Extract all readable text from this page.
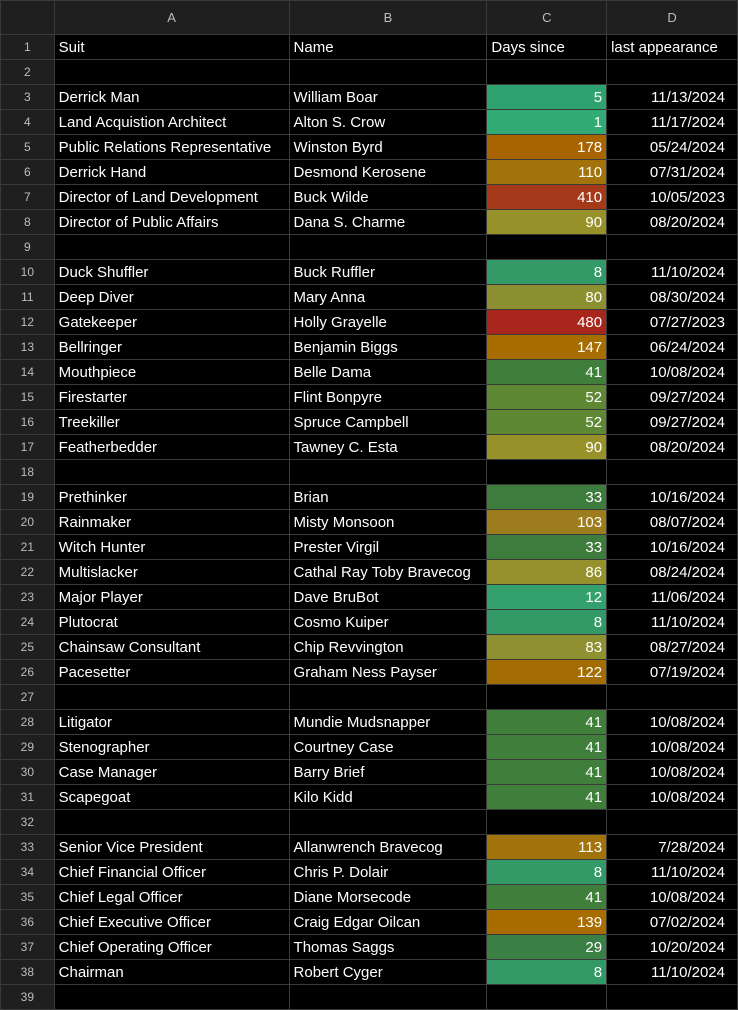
	A	B	C	D
1	Suit	Name	Days since	last appearance
2				
3	Derrick Man	William Boar	5	11/13/2024
4	Land Acquistion Architect	Alton S. Crow	1	11/17/2024
5	Public Relations Representative	Winston Byrd	178	05/24/2024
6	Derrick Hand	Desmond Kerosene	110	07/31/2024
7	Director of Land Development	Buck Wilde	410	10/05/2023
8	Director of Public Affairs	Dana S. Charme	90	08/20/2024
9				
10	Duck Shuffler	Buck Ruffler	8	11/10/2024
11	Deep Diver	Mary Anna	80	08/30/2024
12	Gatekeeper	Holly Grayelle	480	07/27/2023
13	Bellringer	Benjamin Biggs	147	06/24/2024
14	Mouthpiece	Belle Dama	41	10/08/2024
15	Firestarter	Flint Bonpyre	52	09/27/2024
16	Treekiller	Spruce Campbell	52	09/27/2024
17	Featherbedder	Tawney C. Esta	90	08/20/2024
18				
19	Prethinker	Brian	33	10/16/2024
20	Rainmaker	Misty Monsoon	103	08/07/2024
21	Witch Hunter	Prester Virgil	33	10/16/2024
22	Multislacker	Cathal Ray Toby Bravecog	86	08/24/2024
23	Major Player	Dave BruBot	12	11/06/2024
24	Plutocrat	Cosmo Kuiper	8	11/10/2024
25	Chainsaw Consultant	Chip Revvington	83	08/27/2024
26	Pacesetter	Graham Ness Payser	122	07/19/2024
27				
28	Litigator	Mundie Mudsnapper	41	10/08/2024
29	Stenographer	Courtney Case	41	10/08/2024
30	Case Manager	Barry Brief	41	10/08/2024
31	Scapegoat	Kilo Kidd	41	10/08/2024
32				
33	Senior Vice President	Allanwrench Bravecog	113	7/28/2024
34	Chief Financial Officer	Chris P. Dolair	8	11/10/2024
35	Chief Legal Officer	Diane Morsecode	41	10/08/2024
36	Chief Executive Officer	Craig Edgar Oilcan	139	07/02/2024
37	Chief Operating Officer	Thomas Saggs	29	10/20/2024
38	Chairman	Robert Cyger	8	11/10/2024
39				
